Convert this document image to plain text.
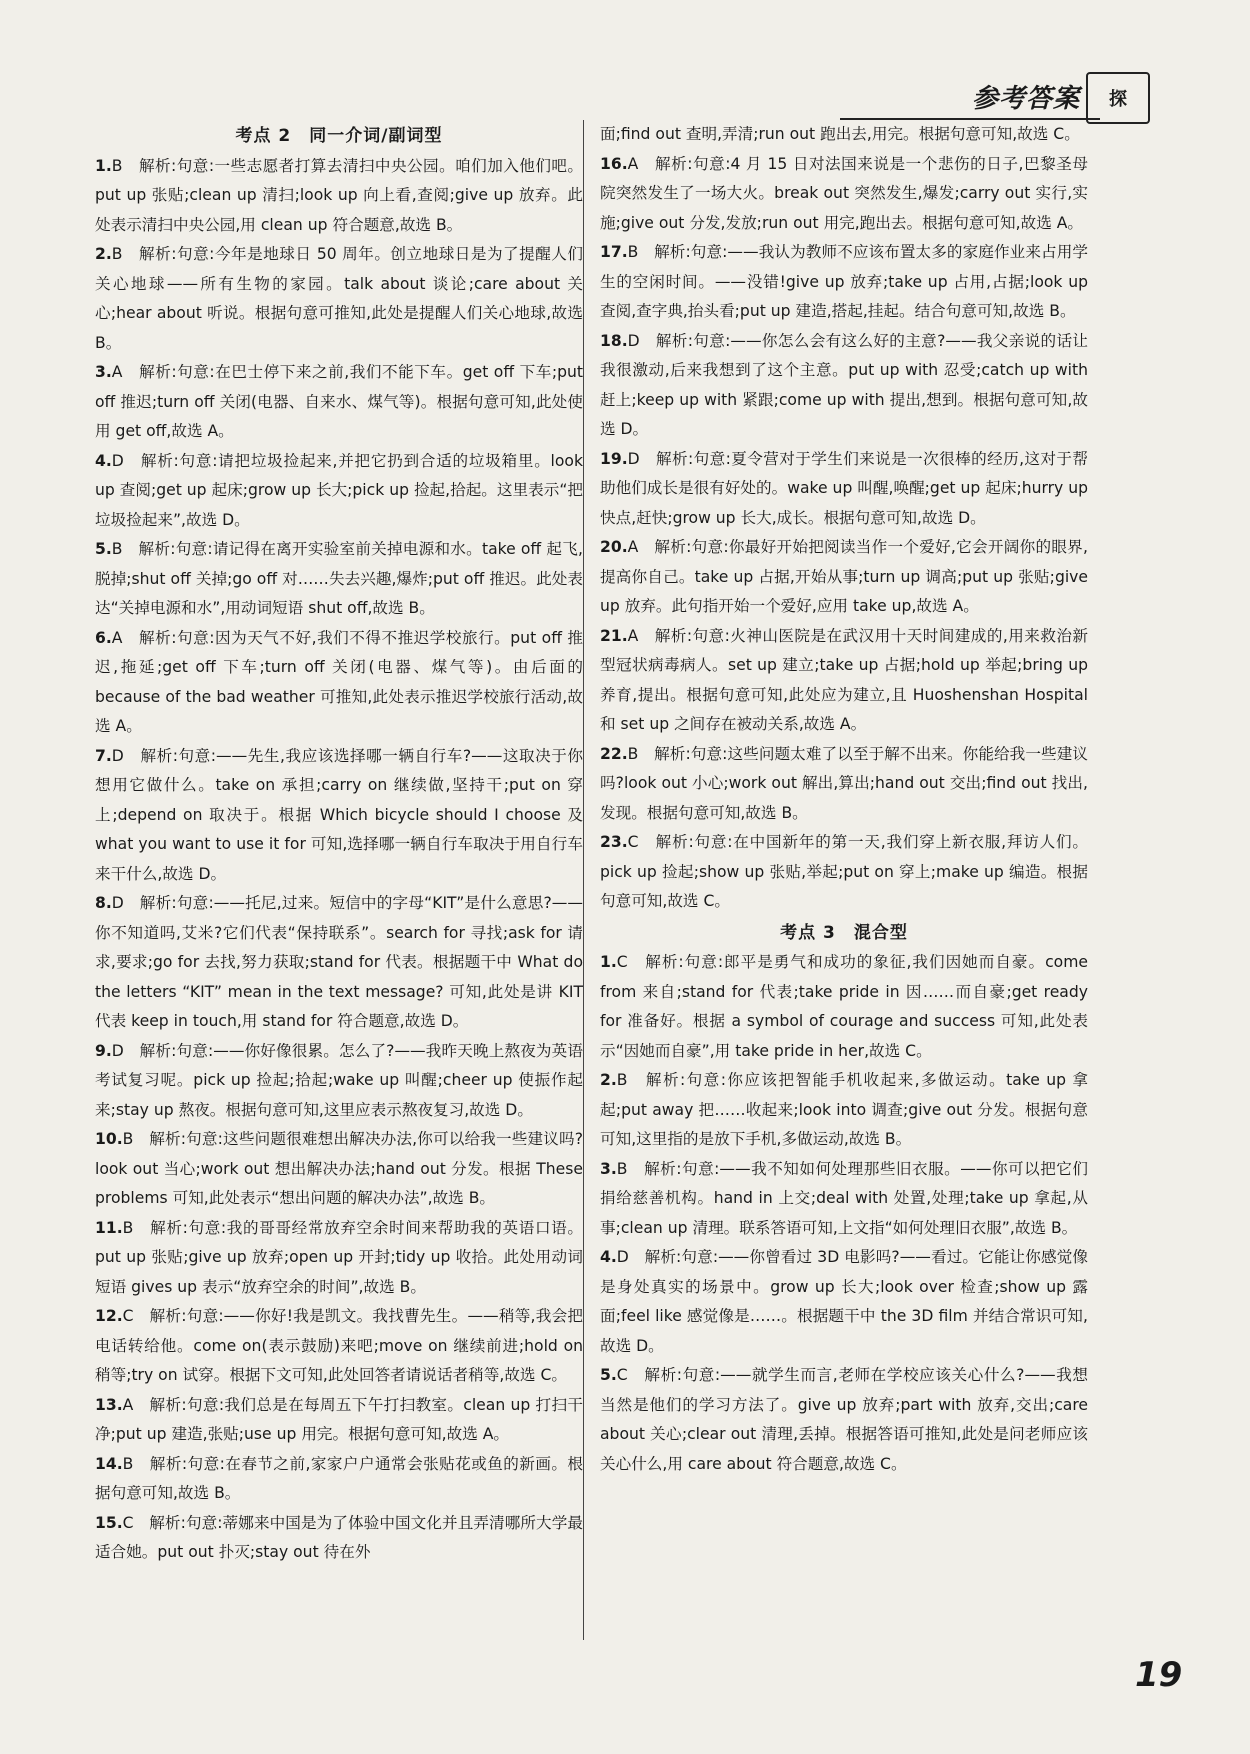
参考答案	探
考点 2　同一介词/副词型

1.B　解析:句意:一些志愿者打算去清扫中央公园。咱们加入他们吧。put up 张贴;clean up 清扫;look up 向上看,查阅;give up 放弃。此处表示清扫中央公园,用 clean up 符合题意,故选 B。

2.B　解析:句意:今年是地球日 50 周年。创立地球日是为了提醒人们关心地球——所有生物的家园。talk about 谈论;care about 关心;hear about 听说。根据句意可推知,此处是提醒人们关心地球,故选 B。

3.A　解析:句意:在巴士停下来之前,我们不能下车。get off 下车;put off 推迟;turn off 关闭(电器、自来水、煤气等)。根据句意可知,此处使用 get off,故选 A。

4.D　解析:句意:请把垃圾捡起来,并把它扔到合适的垃圾箱里。look up 查阅;get up 起床;grow up 长大;pick up 捡起,拾起。这里表示“把垃圾捡起来”,故选 D。

5.B　解析:句意:请记得在离开实验室前关掉电源和水。take off 起飞,脱掉;shut off 关掉;go off 对……失去兴趣,爆炸;put off 推迟。此处表达“关掉电源和水”,用动词短语 shut off,故选 B。

6.A　解析:句意:因为天气不好,我们不得不推迟学校旅行。put off 推迟,拖延;get off 下车;turn off 关闭(电器、煤气等)。由后面的 because of the bad weather 可推知,此处表示推迟学校旅行活动,故选 A。

7.D　解析:句意:——先生,我应该选择哪一辆自行车?——这取决于你想用它做什么。take on 承担;carry on 继续做,坚持干;put on 穿上;depend on 取决于。根据 Which bicycle should I choose 及 what you want to use it for 可知,选择哪一辆自行车取决于用自行车来干什么,故选 D。

8.D　解析:句意:——托尼,过来。短信中的字母“KIT”是什么意思?——你不知道吗,艾米?它们代表“保持联系”。search for 寻找;ask for 请求,要求;go for 去找,努力获取;stand for 代表。根据题干中 What do the letters “KIT” mean in the text message? 可知,此处是讲 KIT 代表 keep in touch,用 stand for 符合题意,故选 D。

9.D　解析:句意:——你好像很累。怎么了?——我昨天晚上熬夜为英语考试复习呢。pick up 捡起;拾起;wake up 叫醒;cheer up 使振作起来;stay up 熬夜。根据句意可知,这里应表示熬夜复习,故选 D。

10.B　解析:句意:这些问题很难想出解决办法,你可以给我一些建议吗?look out 当心;work out 想出解决办法;hand out 分发。根据 These problems 可知,此处表示“想出问题的解决办法”,故选 B。

11.B　解析:句意:我的哥哥经常放弃空余时间来帮助我的英语口语。put up 张贴;give up 放弃;open up 开封;tidy up 收拾。此处用动词短语 gives up 表示“放弃空余的时间”,故选 B。

12.C　解析:句意:——你好!我是凯文。我找曹先生。——稍等,我会把电话转给他。come on(表示鼓励)来吧;move on 继续前进;hold on 稍等;try on 试穿。根据下文可知,此处回答者请说话者稍等,故选 C。

13.A　解析:句意:我们总是在每周五下午打扫教室。clean up 打扫干净;put up 建造,张贴;use up 用完。根据句意可知,故选 A。

14.B　解析:句意:在春节之前,家家户户通常会张贴花或鱼的新画。根据句意可知,故选 B。

15.C　解析:句意:蒂娜来中国是为了体验中国文化并且弄清哪所大学最适合她。put out 扑灭;stay out 待在外

面;find out 查明,弄清;run out 跑出去,用完。根据句意可知,故选 C。

16.A　解析:句意:4 月 15 日对法国来说是一个悲伤的日子,巴黎圣母院突然发生了一场大火。break out 突然发生,爆发;carry out 实行,实施;give out 分发,发放;run out 用完,跑出去。根据句意可知,故选 A。

17.B　解析:句意:——我认为教师不应该布置太多的家庭作业来占用学生的空闲时间。——没错!give up 放弃;take up 占用,占据;look up 查阅,查字典,抬头看;put up 建造,搭起,挂起。结合句意可知,故选 B。

18.D　解析:句意:——你怎么会有这么好的主意?——我父亲说的话让我很激动,后来我想到了这个主意。put up with 忍受;catch up with 赶上;keep up with 紧跟;come up with 提出,想到。根据句意可知,故选 D。

19.D　解析:句意:夏令营对于学生们来说是一次很棒的经历,这对于帮助他们成长是很有好处的。wake up 叫醒,唤醒;get up 起床;hurry up 快点,赶快;grow up 长大,成长。根据句意可知,故选 D。

20.A　解析:句意:你最好开始把阅读当作一个爱好,它会开阔你的眼界,提高你自己。take up 占据,开始从事;turn up 调高;put up 张贴;give up 放弃。此句指开始一个爱好,应用 take up,故选 A。

21.A　解析:句意:火神山医院是在武汉用十天时间建成的,用来救治新型冠状病毒病人。set up 建立;take up 占据;hold up 举起;bring up 养育,提出。根据句意可知,此处应为建立,且 Huoshenshan Hospital 和 set up 之间存在被动关系,故选 A。

22.B　解析:句意:这些问题太难了以至于解不出来。你能给我一些建议吗?look out 小心;work out 解出,算出;hand out 交出;find out 找出,发现。根据句意可知,故选 B。

23.C　解析:句意:在中国新年的第一天,我们穿上新衣服,拜访人们。pick up 捡起;show up 张贴,举起;put on 穿上;make up 编造。根据句意可知,故选 C。

考点 3　混合型

1.C　解析:句意:郎平是勇气和成功的象征,我们因她而自豪。come from 来自;stand for 代表;take pride in 因……而自豪;get ready for 准备好。根据 a symbol of courage and success 可知,此处表示“因她而自豪”,用 take pride in her,故选 C。

2.B　解析:句意:你应该把智能手机收起来,多做运动。take up 拿起;put away 把……收起来;look into 调查;give out 分发。根据句意可知,这里指的是放下手机,多做运动,故选 B。

3.B　解析:句意:——我不知如何处理那些旧衣服。——你可以把它们捐给慈善机构。hand in 上交;deal with 处置,处理;take up 拿起,从事;clean up 清理。联系答语可知,上文指“如何处理旧衣服”,故选 B。

4.D　解析:句意:——你曾看过 3D 电影吗?——看过。它能让你感觉像是身处真实的场景中。grow up 长大;look over 检查;show up 露面;feel like 感觉像是……。根据题干中 the 3D film 并结合常识可知,故选 D。

5.C　解析:句意:——就学生而言,老师在学校应该关心什么?——我想当然是他们的学习方法了。give up 放弃;part with 放弃,交出;care about 关心;clear out 清理,丢掉。根据答语可推知,此处是问老师应该关心什么,用 care about 符合题意,故选 C。

19
